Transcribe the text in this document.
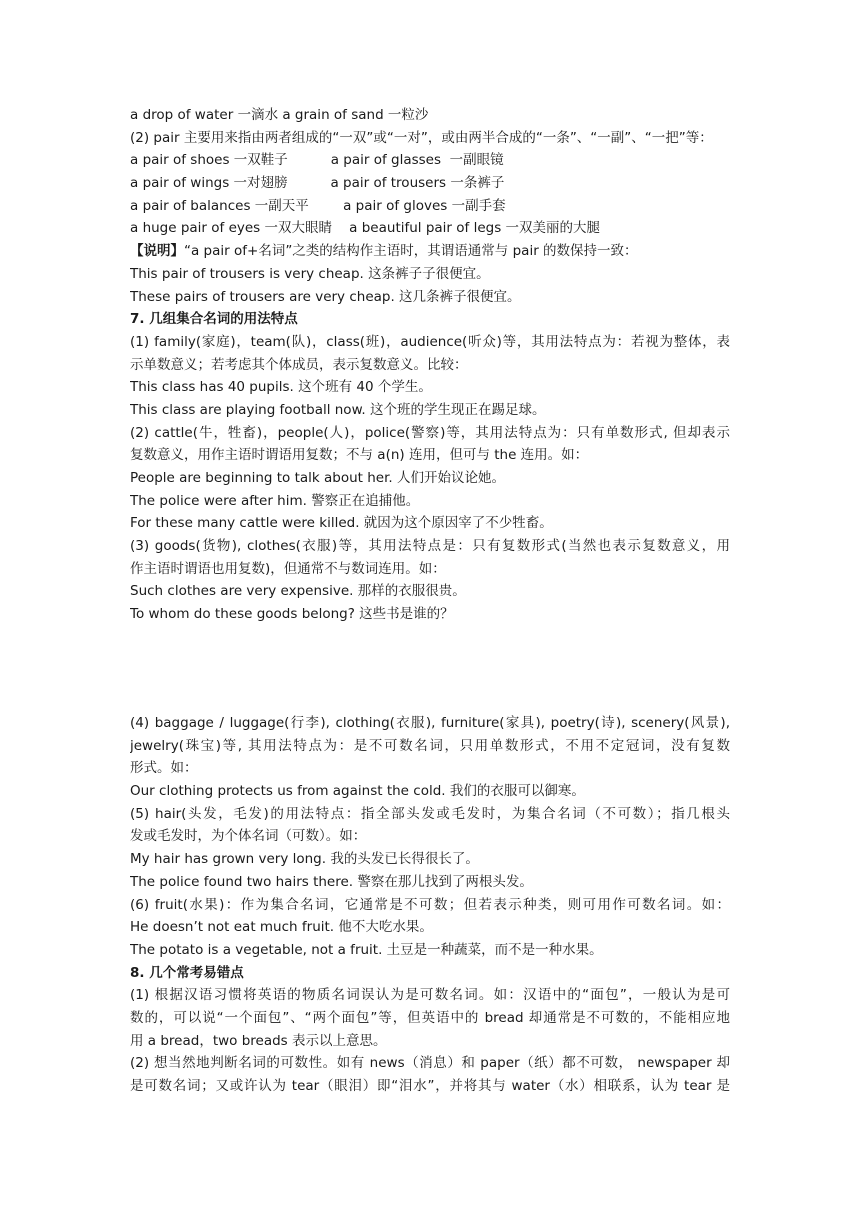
a drop of water 一滴水 a grain of sand 一粒沙
(2) pair 主要用来指由两者组成的“一双”或“一对”，或由两半合成的“一条”、“一副”、“一把”等：
a pair of shoes 一双鞋子          a pair of glasses  一副眼镜
a pair of wings 一对翅膀          a pair of trousers 一条裤子
a pair of balances 一副天平        a pair of gloves 一副手套
a huge pair of eyes 一双大眼睛    a beautiful pair of legs 一双美丽的大腿
【说明】“a pair of+名词”之类的结构作主语时，其谓语通常与 pair 的数保持一致：
This pair of trousers is very cheap. 这条裤子子很便宜。
These pairs of trousers are very cheap. 这几条裤子很便宜。
7. 几组集合名词的用法特点
(1) family(家庭)，team(队)，class(班)，audience(听众)等，其用法特点为：若视为整体，表
示单数意义；若考虑其个体成员，表示复数意义。比较：
This class has 40 pupils. 这个班有 40 个学生。
This class are playing football now. 这个班的学生现正在踢足球。
(2) cattle(牛，牲畜)，people(人)，police(警察)等，其用法特点为：只有单数形式, 但却表示
复数意义，用作主语时谓语用复数；不与 a(n) 连用，但可与 the 连用。如：
People are beginning to talk about her. 人们开始议论她。
The police were after him. 警察正在追捕他。
For these many cattle were killed. 就因为这个原因宰了不少牲畜。
(3) goods(货物), clothes(衣服)等，其用法特点是：只有复数形式(当然也表示复数意义，用
作主语时谓语也用复数)，但通常不与数词连用。如：
Such clothes are very expensive. 那样的衣服很贵。
To whom do these goods belong? 这些书是谁的？
(4) baggage / luggage(行李), clothing(衣服), furniture(家具), poetry(诗), scenery(风景),
jewelry(珠宝)等, 其用法特点为：是不可数名词，只用单数形式，不用不定冠词，没有复数
形式。如：
Our clothing protects us from against the cold. 我们的衣服可以御寒。
(5) hair(头发，毛发)的用法特点：指全部头发或毛发时，为集合名词（不可数）；指几根头
发或毛发时，为个体名词（可数）。如：
My hair has grown very long. 我的头发已长得很长了。
The police found two hairs there. 警察在那儿找到了两根头发。
(6) fruit(水果)：作为集合名词，它通常是不可数；但若表示种类，则可用作可数名词。如：
He doesn’t not eat much fruit. 他不大吃水果。
The potato is a vegetable, not a fruit. 土豆是一种蔬菜，而不是一种水果。
8. 几个常考易错点
(1) 根据汉语习惯将英语的物质名词误认为是可数名词。如：汉语中的“面包”，一般认为是可
数的，可以说“一个面包”、“两个面包”等，但英语中的 bread 却通常是不可数的，不能相应地
用 a bread，two breads 表示以上意思。
(2) 想当然地判断名词的可数性。如有 news（消息）和 paper（纸）都不可数， newspaper 却
是可数名词；又或许认为 tear（眼泪）即“泪水”，并将其与 water（水）相联系，认为 tear 是
